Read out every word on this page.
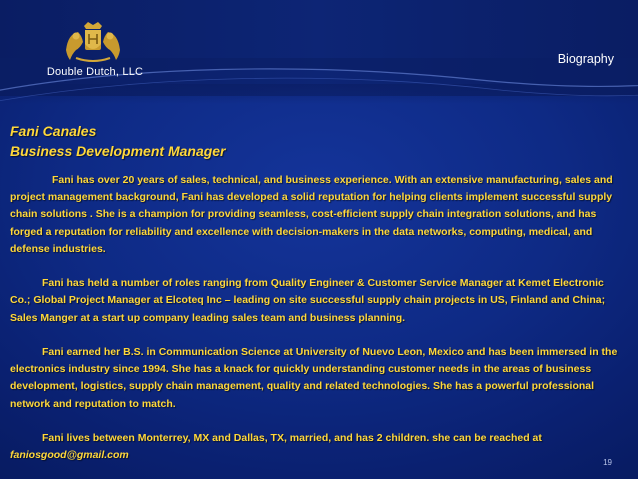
Double Dutch, LLC
Biography
Fani Canales
Business Development Manager

Fani has over 20 years of sales, technical, and business experience. With an extensive manufacturing, sales and project management background, Fani has developed a solid reputation for helping clients implement successful supply chain solutions . She is a champion for providing seamless, cost-efficient supply chain integration solutions, and has forged a reputation for reliability and excellence with decision-makers in the data networks, computing, medical, and defense industries.

Fani has held a number of roles ranging from Quality Engineer & Customer Service Manager at Kemet Electronic Co.; Global Project Manager at Elcoteq Inc – leading on site successful supply chain projects in US, Finland and China; Sales Manger at a start up company leading sales team and business planning.

Fani earned her B.S. in Communication Science at University of Nuevo Leon, Mexico and has been immersed in the electronics industry since 1994. She has a knack for quickly understanding customer needs in the areas of business development, logistics, supply chain management, quality and related technologies. She has a powerful professional network and reputation to match.

Fani lives between Monterrey, MX and Dallas, TX, married, and has 2 children. she can be reached at

faniosgood@gmail.com
19
